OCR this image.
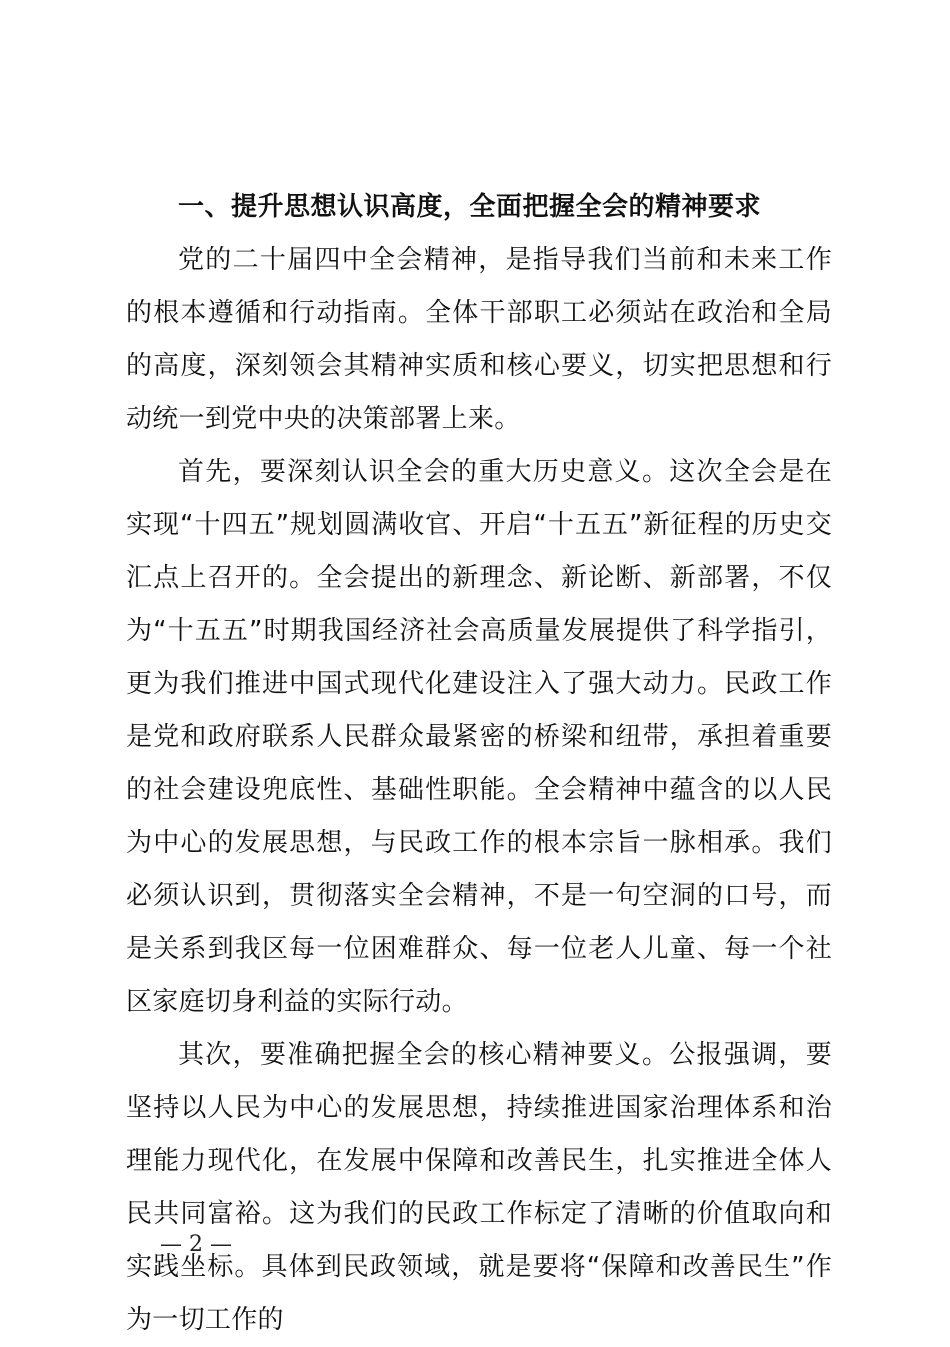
一、提升思想认识高度，全面把握全会的精神要求

党的二十届四中全会精神，是指导我们当前和未来工作的根本遵循和行动指南。全体干部职工必须站在政治和全局的高度，深刻领会其精神实质和核心要义，切实把思想和行动统一到党中央的决策部署上来。

首先，要深刻认识全会的重大历史意义。这次全会是在实现“十四五”规划圆满收官、开启“十五五”新征程的历史交汇点上召开的。全会提出的新理念、新论断、新部署，不仅为“十五五”时期我国经济社会高质量发展提供了科学指引，更为我们推进中国式现代化建设注入了强大动力。民政工作是党和政府联系人民群众最紧密的桥梁和纽带，承担着重要的社会建设兜底性、基础性职能。全会精神中蕴含的以人民为中心的发展思想，与民政工作的根本宗旨一脉相承。我们必须认识到，贯彻落实全会精神，不是一句空洞的口号，而是关系到我区每一位困难群众、每一位老人儿童、每一个社区家庭切身利益的实际行动。

其次，要准确把握全会的核心精神要义。公报强调，要坚持以人民为中心的发展思想，持续推进国家治理体系和治理能力现代化，在发展中保障和改善民生，扎实推进全体人民共同富裕。这为我们的民政工作标定了清晰的价值取向和实践坐标。具体到民政领域，就是要将“保障和改善民生”作为一切工作的

— 2 —
